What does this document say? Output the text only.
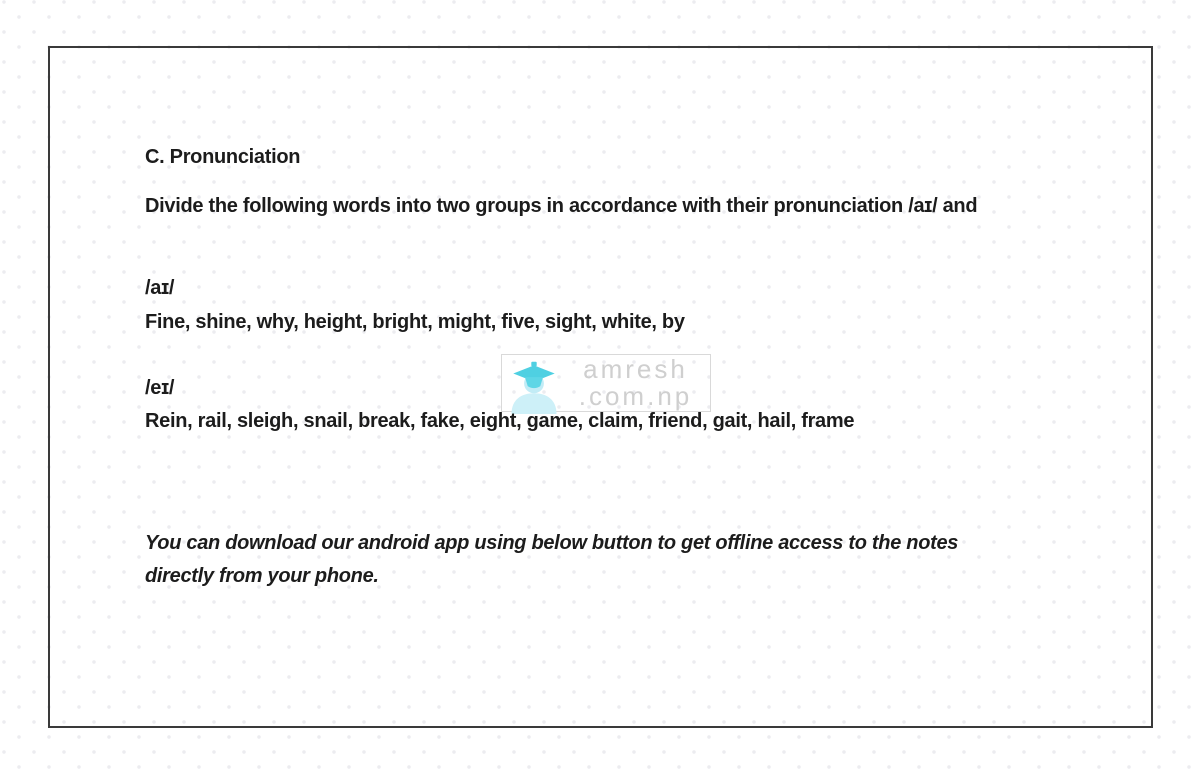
C. Pronunciation
Divide the following words into two groups in accordance with their pronunciation /aɪ/ and
/aɪ/
Fine, shine, why, height, bright, might, five, sight, white, by
/eɪ/
Rein, rail, sleigh, snail, break, fake, eight, game, claim, friend, gait, hail, frame
amresh
.com.np
You can download our android app using below button to get offline access to the notes
directly from your phone.
